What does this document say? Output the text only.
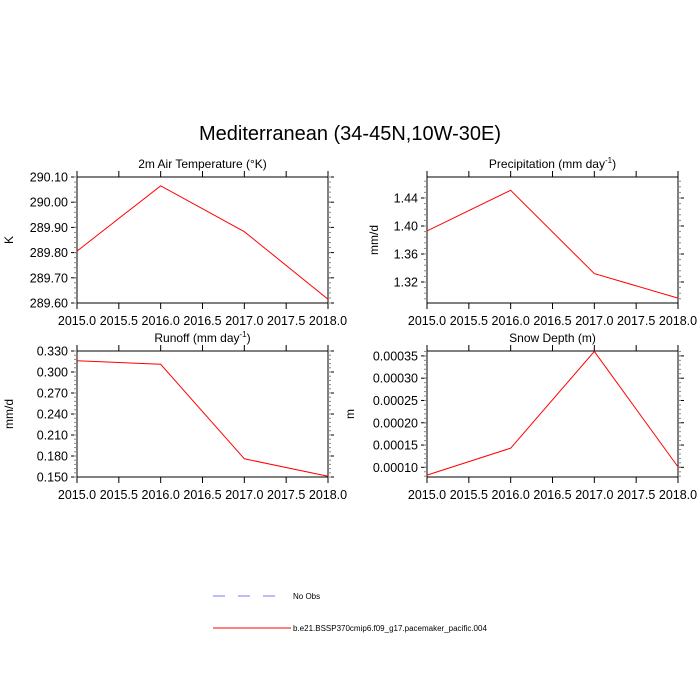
Mediterranean (34-45N,10W-30E)
No Obs
b.e21.BSSP370cmip6.f09_g17.pacemaker_pacific.004
2m Air Temperature (°K)
K
2015.0 2015.5 2016.0 2016.5 2017.0 2017.5 2018.0
289.60
289.70
289.80
289.90
290.00
290.10
Precipitation (mm day$^{-1}$)
mm/d
2015.0 2015.5 2016.0 2016.5 2017.0 2017.5 2018.0
1.32
1.36
1.40
1.44
Runoff (mm day$^{-1}$)
mm/d
2015.0 2015.5 2016.0 2016.5 2017.0 2017.5 2018.0
0.150
0.180
0.210
0.240
0.270
0.300
0.330
Snow Depth (m)
m
2015.0 2015.5 2016.0 2016.5 2017.0 2017.5 2018.0
0.00010
0.00015
0.00020
0.00025
0.00030
0.00035
